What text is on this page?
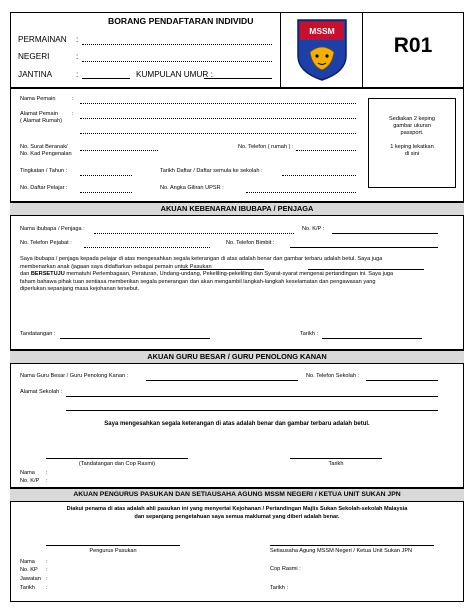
BORANG PENDAFTARAN INDIVIDU
PERMAINAN :
NEGERI	:
JANTINA	:	KUMPULAN UMUR :
MSSM
R01
Nama Pemain	:
Alamat Pemain	:
( Alamat Rumah)
No. Surat Beranak/
No. Kad Pengenalan
No. Telefon ( rumah ) :
Tingkatan / Tahun :	Tarikh Daftar / Daftar semula ke sekolah :
No. Daftar Pelajar :	No. Angka Giliran UPSR :
Sediakan 2 keping
gambar ukuran
passport.

1 keping lekatkan
di sini
AKUAN KEBENARAN IBUBAPA / PENJAGA
Nama ibubapa / Penjaga :	No. K/P :
No. Telefon Pejabat :	No. Telefon Bimbit :
Saya ibubapa / penjaga kepada pelajar di atas mengesahkan segala keterangan di atas adalah benar dan gambar terbaru adalah betul. Saya juga
membenarkan anak /jagaan saya didaftarkan sebagai pemain untuk Pasukan
dan BERSETUJU mematuhi Perlembagaan, Peraturan, Undang-undang, Pekeliling-pekeliling dan Syarat-syarat mengenai pertandingan ini. Saya juga
faham bahawa pihak tuan sentiasa memberikan segala penerangan dan akan mengambil langkah-langkah keselamatan dan pengawasan yang
diperlukan sepanjang masa kejohanan tersebut.
Tandatangan :	Tarikh :
AKUAN GURU BESAR / GURU PENOLONG KANAN
Nama Guru Besar / Guru Penolong Kanan :	No. Telefon Sekolah :
Alamat Sekolah :
Saya mengesahkan segala keterangan di atas adalah benar dan gambar terbaru adalah betul.
(Tandatangan dan Cop Rasmi)	Tarikh
Nama :
No. K/P :
AKUAN PENGURUS PASUKAN DAN SETIAUSAHA AGUNG MSSM NEGERI / KETUA UNIT SUKAN JPN
Diakui penama di atas adalah ahli pasukan ini yang menyertai Kejohanan / Pertandingan Majlis Sukan Sekolah-sekolah Malaysia
dan sepanjang pengetahuan saya semua maklumat yang diberi adalah benar.
Pengurus Pasukan	Setiausaha Agung MSSM Negeri / Ketua Unit Sukan JPN
Nama :
No. KP :
Jawatan :
Tarikh :
Cop Rasmi :
Tarikh :
